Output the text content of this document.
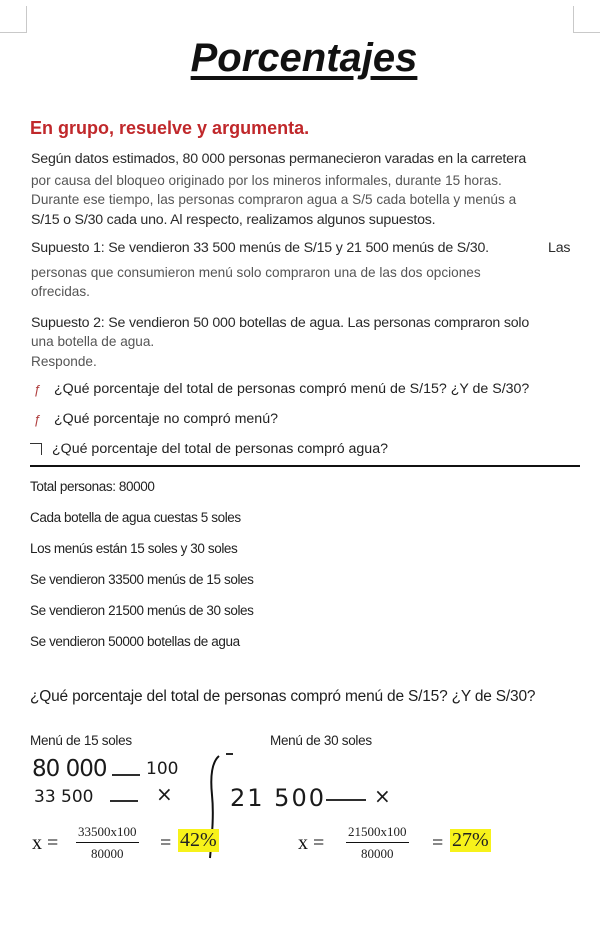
Porcentajes
En grupo, resuelve y argumenta.
Según datos estimados, 80 000 personas permanecieron varadas en la carretera
por causa del bloqueo originado por los mineros informales, durante 15 horas.
Durante ese tiempo, las personas compraron agua a S/5 cada botella y menús a
S/15 o S/30 cada uno. Al respecto, realizamos algunos supuestos.
Supuesto 1: Se vendieron 33 500 menús de S/15 y 21 500 menús de S/30.	Las
personas que consumieron menú solo compraron una de las dos opciones
ofrecidas.
Supuesto 2: Se vendieron 50 000 botellas de agua. Las personas compraron solo
una botella de agua.
Responde.
ƒ ¿Qué porcentaje del total de personas compró menú de S/15? ¿Y de S/30?
ƒ ¿Qué porcentaje no compró menú?
¿Qué porcentaje del total de personas compró agua?
Total personas: 80000
Cada botella de agua cuestas 5 soles
Los menús están 15 soles y 30 soles
Se vendieron 33500 menús de 15 soles
Se vendieron 21500 menús de 30 soles
Se vendieron 50000 botellas de agua
¿Qué porcentaje del total de personas compró menú de S/15? ¿Y de S/30?
Menú de 15 soles	Menú de 30 soles
80 000 100
33 500	× 21 500 ×
$x = \frac{33500x100}{80000} = 42\%$	$x = \frac{21500x100}{80000} = 27\%$
